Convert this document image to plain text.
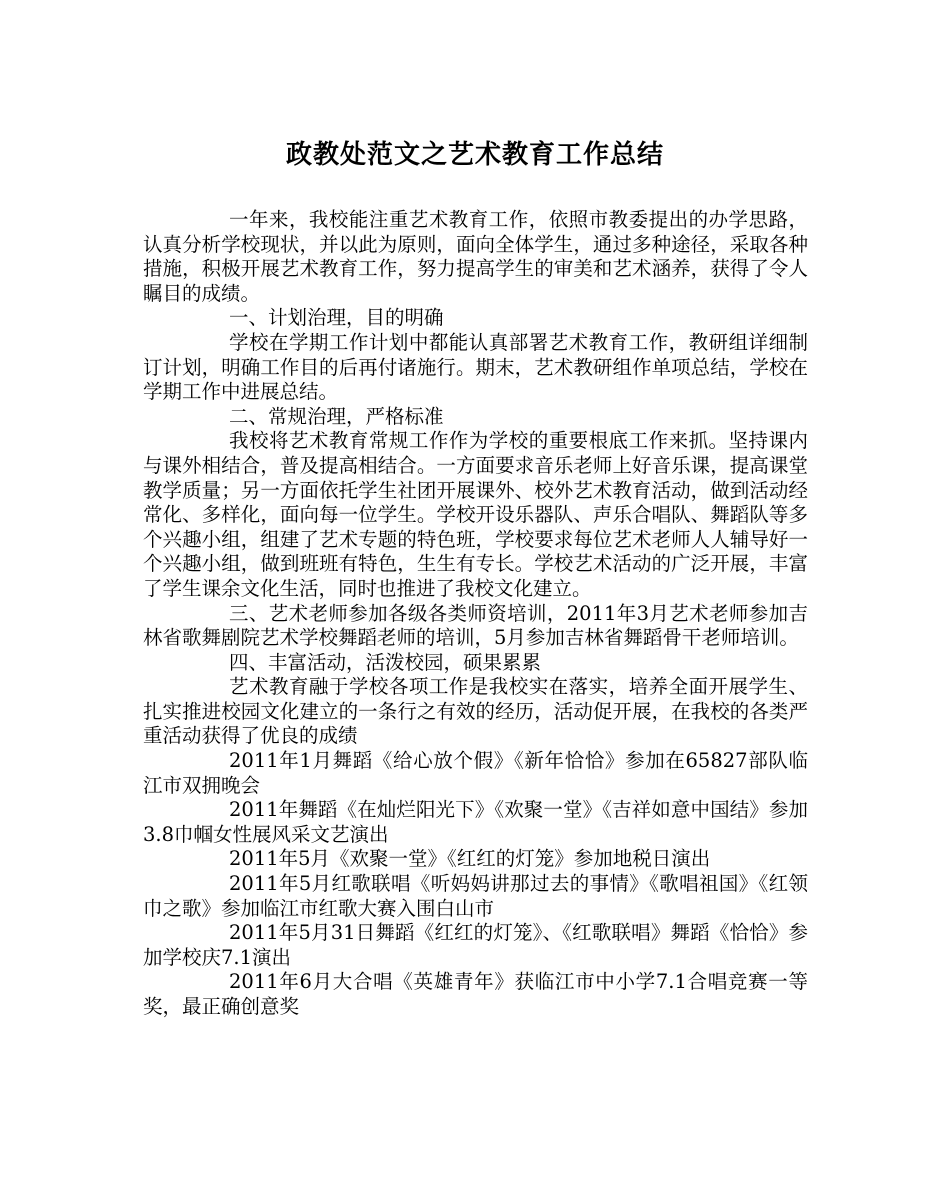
政教处范文之艺术教育工作总结

一年来，我校能注重艺术教育工作，依照市教委提出的办学思路，认真分析学校现状，并以此为原则，面向全体学生，通过多种途径，采取各种措施，积极开展艺术教育工作，努力提高学生的审美和艺术涵养，获得了令人瞩目的成绩。

一、计划治理，目的明确

学校在学期工作计划中都能认真部署艺术教育工作，教研组详细制订计划，明确工作目的后再付诸施行。期末，艺术教研组作单项总结，学校在学期工作中进展总结。

二、常规治理，严格标准

我校将艺术教育常规工作作为学校的重要根底工作来抓。坚持课内与课外相结合，普及提高相结合。一方面要求音乐老师上好音乐课，提高课堂教学质量；另一方面依托学生社团开展课外、校外艺术教育活动，做到活动经常化、多样化，面向每一位学生。学校开设乐器队、声乐合唱队、舞蹈队等多个兴趣小组，组建了艺术专题的特色班，学校要求每位艺术老师人人辅导好一个兴趣小组，做到班班有特色，生生有专长。学校艺术活动的广泛开展，丰富了学生课余文化生活，同时也推进了我校文化建立。

三、艺术老师参加各级各类师资培训，2011年3月艺术老师参加吉林省歌舞剧院艺术学校舞蹈老师的培训，5月参加吉林省舞蹈骨干老师培训。

四、丰富活动，活泼校园，硕果累累

艺术教育融于学校各项工作是我校实在落实，培养全面开展学生、扎实推进校园文化建立的一条行之有效的经历，活动促开展，在我校的各类严重活动获得了优良的成绩

2011年1月舞蹈《给心放个假》《新年恰恰》参加在65827部队临江市双拥晚会

2011年舞蹈《在灿烂阳光下》《欢聚一堂》《吉祥如意中国结》参加3.8巾帼女性展风采文艺演出

2011年5月《欢聚一堂》《红红的灯笼》参加地税日演出

2011年5月红歌联唱《听妈妈讲那过去的事情》《歌唱祖国》《红领巾之歌》参加临江市红歌大赛入围白山市

2011年5月31日舞蹈《红红的灯笼》、《红歌联唱》舞蹈《恰恰》参加学校庆7.1演出

2011年6月大合唱《英雄青年》获临江市中小学7.1合唱竞赛一等奖，最正确创意奖
